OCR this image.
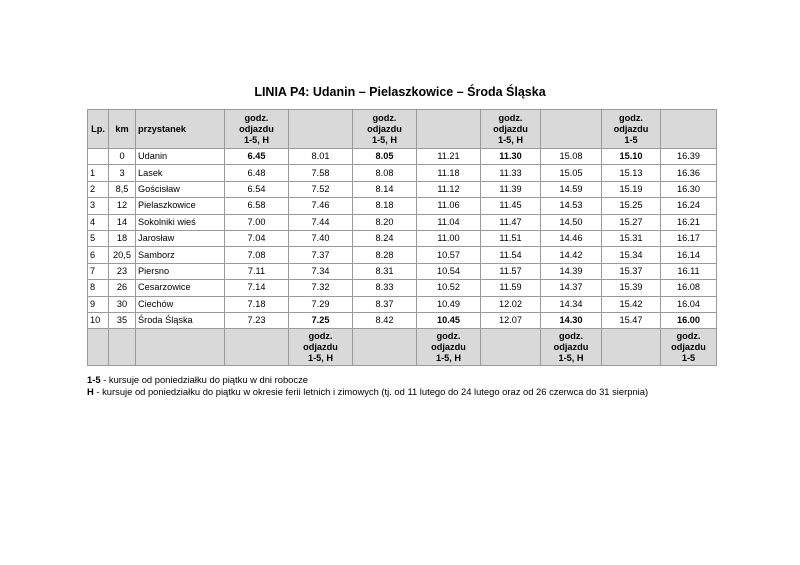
LINIA P4: Udanin – Pielaszkowice – Środa Śląska
Lp.	km	przystanek	godz.
odjazdu
1-5, H		godz.
odjazdu
1-5, H		godz.
odjazdu
1-5, H		godz.
odjazdu
1-5	
	0	Udanin	6.45	8.01	8.05	11.21	11.30	15.08	15.10	16.39
1	3	Lasek	6.48	7.58	8.08	11.18	11.33	15.05	15.13	16.36
2	8,5	Gościsław	6.54	7.52	8.14	11.12	11.39	14.59	15.19	16.30
3	12	Pielaszkowice	6.58	7.46	8.18	11.06	11.45	14.53	15.25	16.24
4	14	Sokolniki wieś	7.00	7.44	8.20	11.04	11.47	14.50	15.27	16.21
5	18	Jarosław	7.04	7.40	8.24	11.00	11.51	14.46	15.31	16.17
6	20,5	Samborz	7.08	7.37	8.28	10.57	11.54	14.42	15.34	16.14
7	23	Piersno	7.11	7.34	8.31	10.54	11.57	14.39	15.37	16.11
8	26	Cesarzowice	7.14	7.32	8.33	10.52	11.59	14.37	15.39	16.08
9	30	Ciechów	7.18	7.29	8.37	10.49	12.02	14.34	15.42	16.04
10	35	Środa Śląska	7.23	7.25	8.42	10.45	12.07	14.30	15.47	16.00
				godz.
odjazdu
1-5, H		godz.
odjazdu
1-5, H		godz.
odjazdu
1-5, H		godz.
odjazdu
1-5
1-5 - kursuje od poniedziałku do piątku w dni robocze
H - kursuje od poniedziałku do piątku w okresie ferii letnich i zimowych (tj. od 11 lutego do 24 lutego oraz od 26 czerwca do 31 sierpnia)
